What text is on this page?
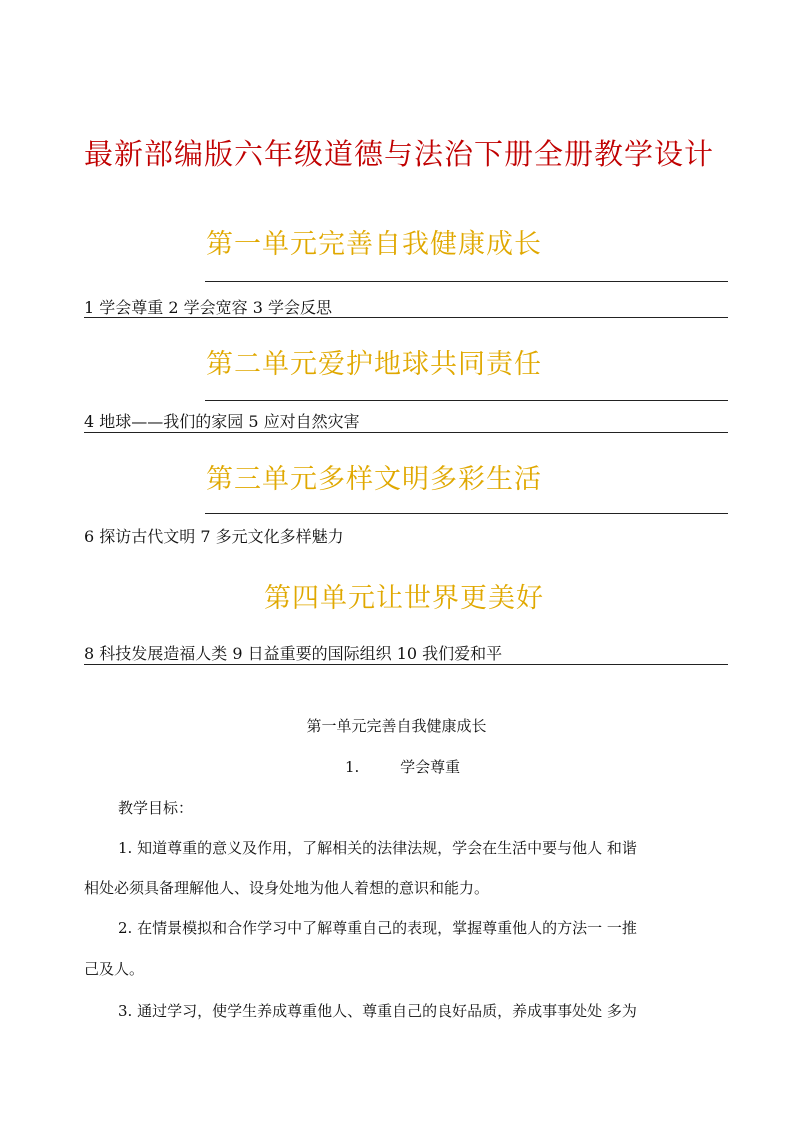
最新部编版六年级道德与法治下册全册教学设计
第一单元完善自我健康成长
1 学会尊重 2 学会宽容 3 学会反思
第二单元爱护地球共同责任
4 地球——我们的家园 5 应对自然灾害
第三单元多样文明多彩生活
6 探访古代文明 7 多元文化多样魅力
第四单元让世界更美好
8 科技发展造福人类 9 日益重要的国际组织 10 我们爱和平
第一单元完善自我健康成长
1.	学会尊重
教学目标：
1. 知道尊重的意义及作用，了解相关的法律法规，学会在生活中要与他人 和谐
相处必须具备理解他人、设身处地为他人着想的意识和能力。
2. 在情景模拟和合作学习中了解尊重自己的表现，掌握尊重他人的方法一 一推
己及人。
3. 通过学习，使学生养成尊重他人、尊重自己的良好品质，养成事事处处 多为
